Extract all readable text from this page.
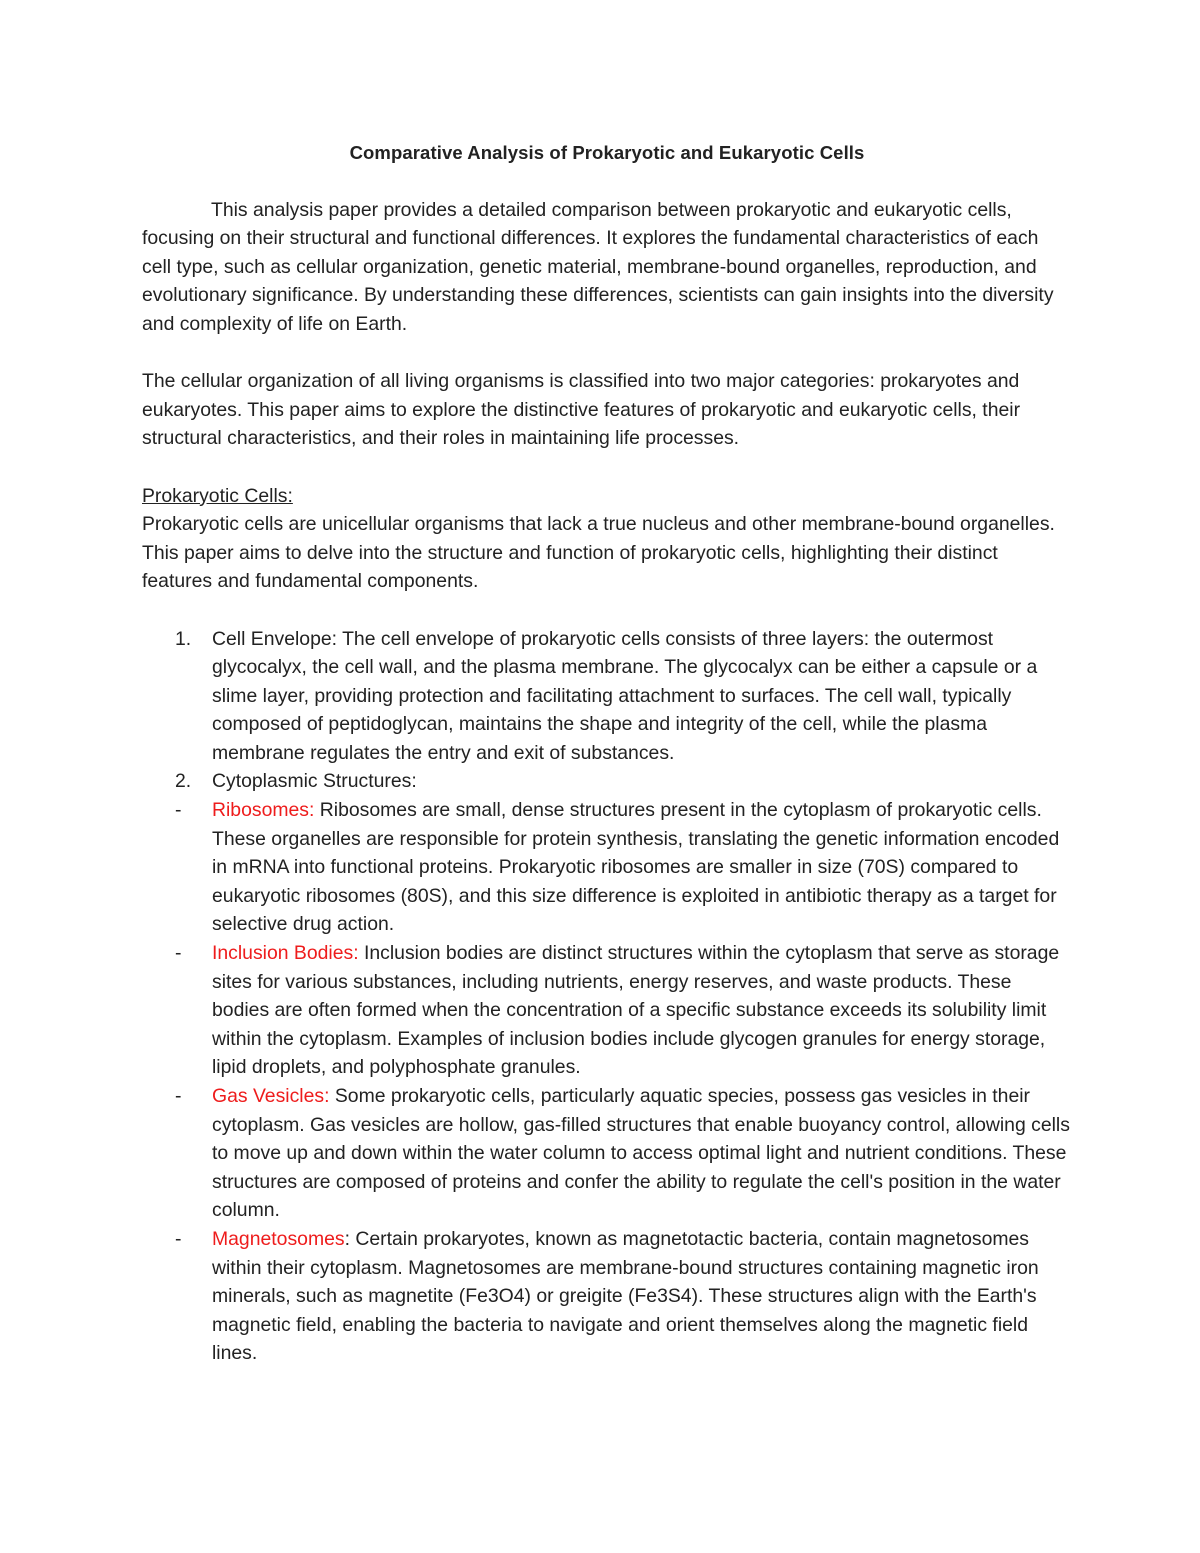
Comparative Analysis of Prokaryotic and Eukaryotic Cells

This analysis paper provides a detailed comparison between prokaryotic and eukaryotic cells, focusing on their structural and functional differences. It explores the fundamental characteristics of each cell type, such as cellular organization, genetic material, membrane-bound organelles, reproduction, and evolutionary significance. By understanding these differences, scientists can gain insights into the diversity and complexity of life on Earth.

The cellular organization of all living organisms is classified into two major categories: prokaryotes and eukaryotes. This paper aims to explore the distinctive features of prokaryotic and eukaryotic cells, their structural characteristics, and their roles in maintaining life processes.

Prokaryotic Cells:

Prokaryotic cells are unicellular organisms that lack a true nucleus and other membrane-bound organelles. This paper aims to delve into the structure and function of prokaryotic cells, highlighting their distinct features and fundamental components.

1. Cell Envelope: The cell envelope of prokaryotic cells consists of three layers: the outermost glycocalyx, the cell wall, and the plasma membrane. The glycocalyx can be either a capsule or a slime layer, providing protection and facilitating attachment to surfaces. The cell wall, typically composed of peptidoglycan, maintains the shape and integrity of the cell, while the plasma membrane regulates the entry and exit of substances.
2. Cytoplasmic Structures:
- Ribosomes: Ribosomes are small, dense structures present in the cytoplasm of prokaryotic cells. These organelles are responsible for protein synthesis, translating the genetic information encoded in mRNA into functional proteins. Prokaryotic ribosomes are smaller in size (70S) compared to eukaryotic ribosomes (80S), and this size difference is exploited in antibiotic therapy as a target for selective drug action.
- Inclusion Bodies: Inclusion bodies are distinct structures within the cytoplasm that serve as storage sites for various substances, including nutrients, energy reserves, and waste products. These bodies are often formed when the concentration of a specific substance exceeds its solubility limit within the cytoplasm. Examples of inclusion bodies include glycogen granules for energy storage, lipid droplets, and polyphosphate granules.
- Gas Vesicles: Some prokaryotic cells, particularly aquatic species, possess gas vesicles in their cytoplasm. Gas vesicles are hollow, gas-filled structures that enable buoyancy control, allowing cells to move up and down within the water column to access optimal light and nutrient conditions. These structures are composed of proteins and confer the ability to regulate the cell's position in the water column.
- Magnetosomes: Certain prokaryotes, known as magnetotactic bacteria, contain magnetosomes within their cytoplasm. Magnetosomes are membrane-bound structures containing magnetic iron minerals, such as magnetite (Fe3O4) or greigite (Fe3S4). These structures align with the Earth's magnetic field, enabling the bacteria to navigate and orient themselves along the magnetic field lines.
